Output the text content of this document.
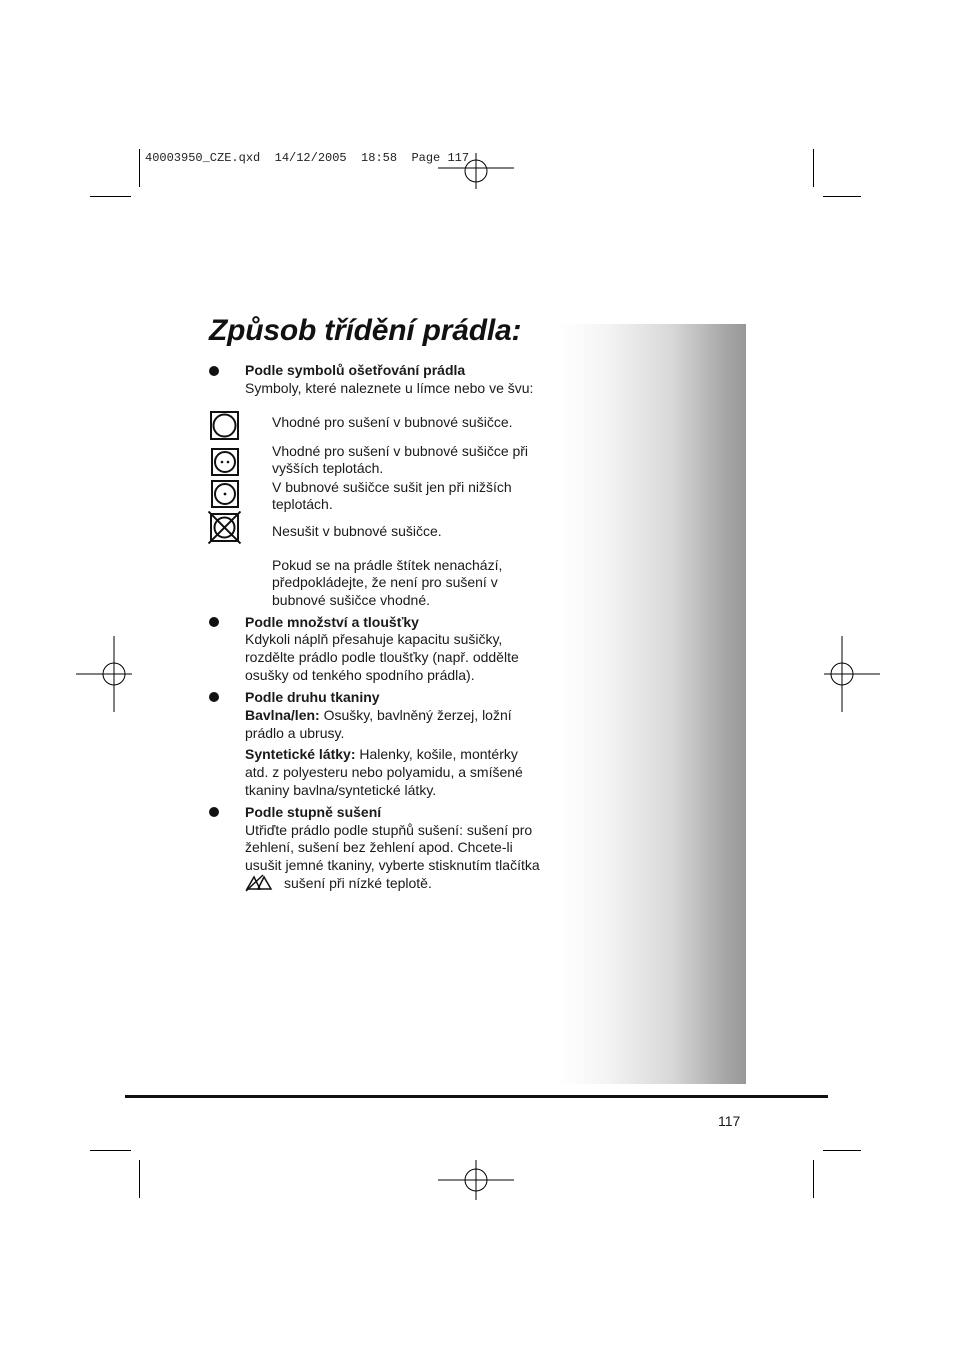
40003950_CZE.qxd  14/12/2005  18:58  Page 117
Způsob třídění prádla:
Podle symbolů ošetřování prádla
Symboly, které naleznete u límce nebo ve švu:
Vhodné pro sušení v bubnové sušičce.
Vhodné pro sušení v bubnové sušičce při
vyšších teplotách.
V bubnové sušičce sušit jen při nižších
teplotách.
Nesušit v bubnové sušičce.
Pokud se na prádle štítek nenachází,
předpokládejte, že není pro sušení v
bubnové sušičce vhodné.
Podle množství a tloušťky
Kdykoli náplň přesahuje kapacitu sušičky,
rozdělte prádlo podle tloušťky (např. oddělte
osušky od tenkého spodního prádla).
Podle druhu tkaniny
Bavlna/len: Osušky, bavlněný žerzej, ložní
prádlo a ubrusy.
Syntetické látky: Halenky, košile, montérky
atd. z polyesteru nebo polyamidu, a smíšené
tkaniny bavlna/syntetické látky.
Podle stupně sušení
Utřiďte prádlo podle stupňů sušení: sušení pro
žehlení, sušení bez žehlení apod. Chcete-li
usušit jemné tkaniny, vyberte stisknutím tlačítka
sušení při nízké teplotě.
117
